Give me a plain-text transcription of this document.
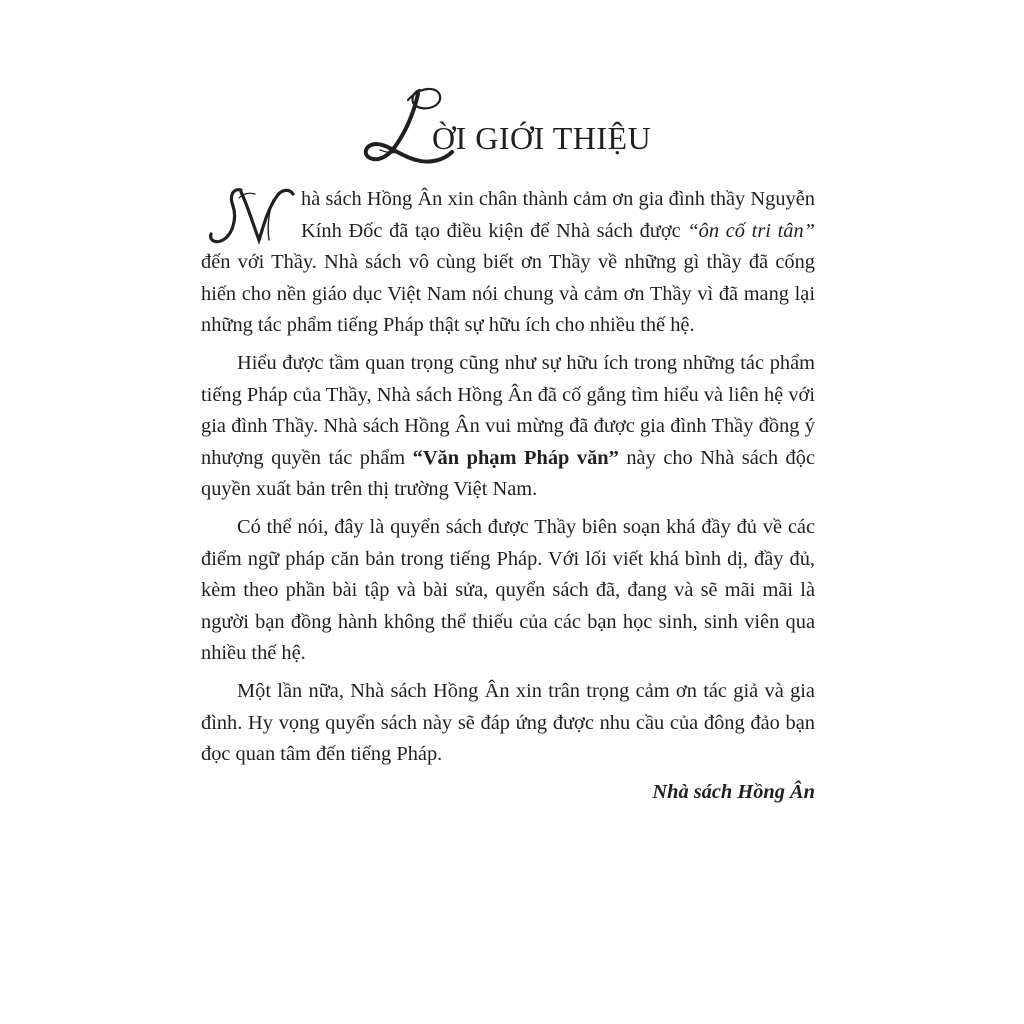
ỜI GIỚI THIỆU

hà sách Hồng Ân xin chân thành cảm ơn gia đình thầy Nguyễn Kính Đốc đã tạo điều kiện để Nhà sách được “ôn cố tri tân” đến với Thầy. Nhà sách vô cùng biết ơn Thầy về những gì thầy đã cống hiến cho nền giáo dục Việt Nam nói chung và cảm ơn Thầy vì đã mang lại những tác phẩm tiếng Pháp thật sự hữu ích cho nhiều thế hệ.

Hiểu được tầm quan trọng cũng như sự hữu ích trong những tác phẩm tiếng Pháp của Thầy, Nhà sách Hồng Ân đã cố gắng tìm hiểu và liên hệ với gia đình Thầy. Nhà sách Hồng Ân vui mừng đã được gia đình Thầy đồng ý nhượng quyền tác phẩm “Văn phạm Pháp văn” này cho Nhà sách độc quyền xuất bản trên thị trường Việt Nam.

Có thể nói, đây là quyển sách được Thầy biên soạn khá đầy đủ về các điểm ngữ pháp căn bản trong tiếng Pháp. Với lối viết khá bình dị, đầy đủ, kèm theo phần bài tập và bài sửa, quyển sách đã, đang và sẽ mãi mãi là người bạn đồng hành không thể thiếu của các bạn học sinh, sinh viên qua nhiều thế hệ.

Một lần nữa, Nhà sách Hồng Ân xin trân trọng cảm ơn tác giả và gia đình. Hy vọng quyển sách này sẽ đáp ứng được nhu cầu của đông đảo bạn đọc quan tâm đến tiếng Pháp.

Nhà sách Hồng Ân
